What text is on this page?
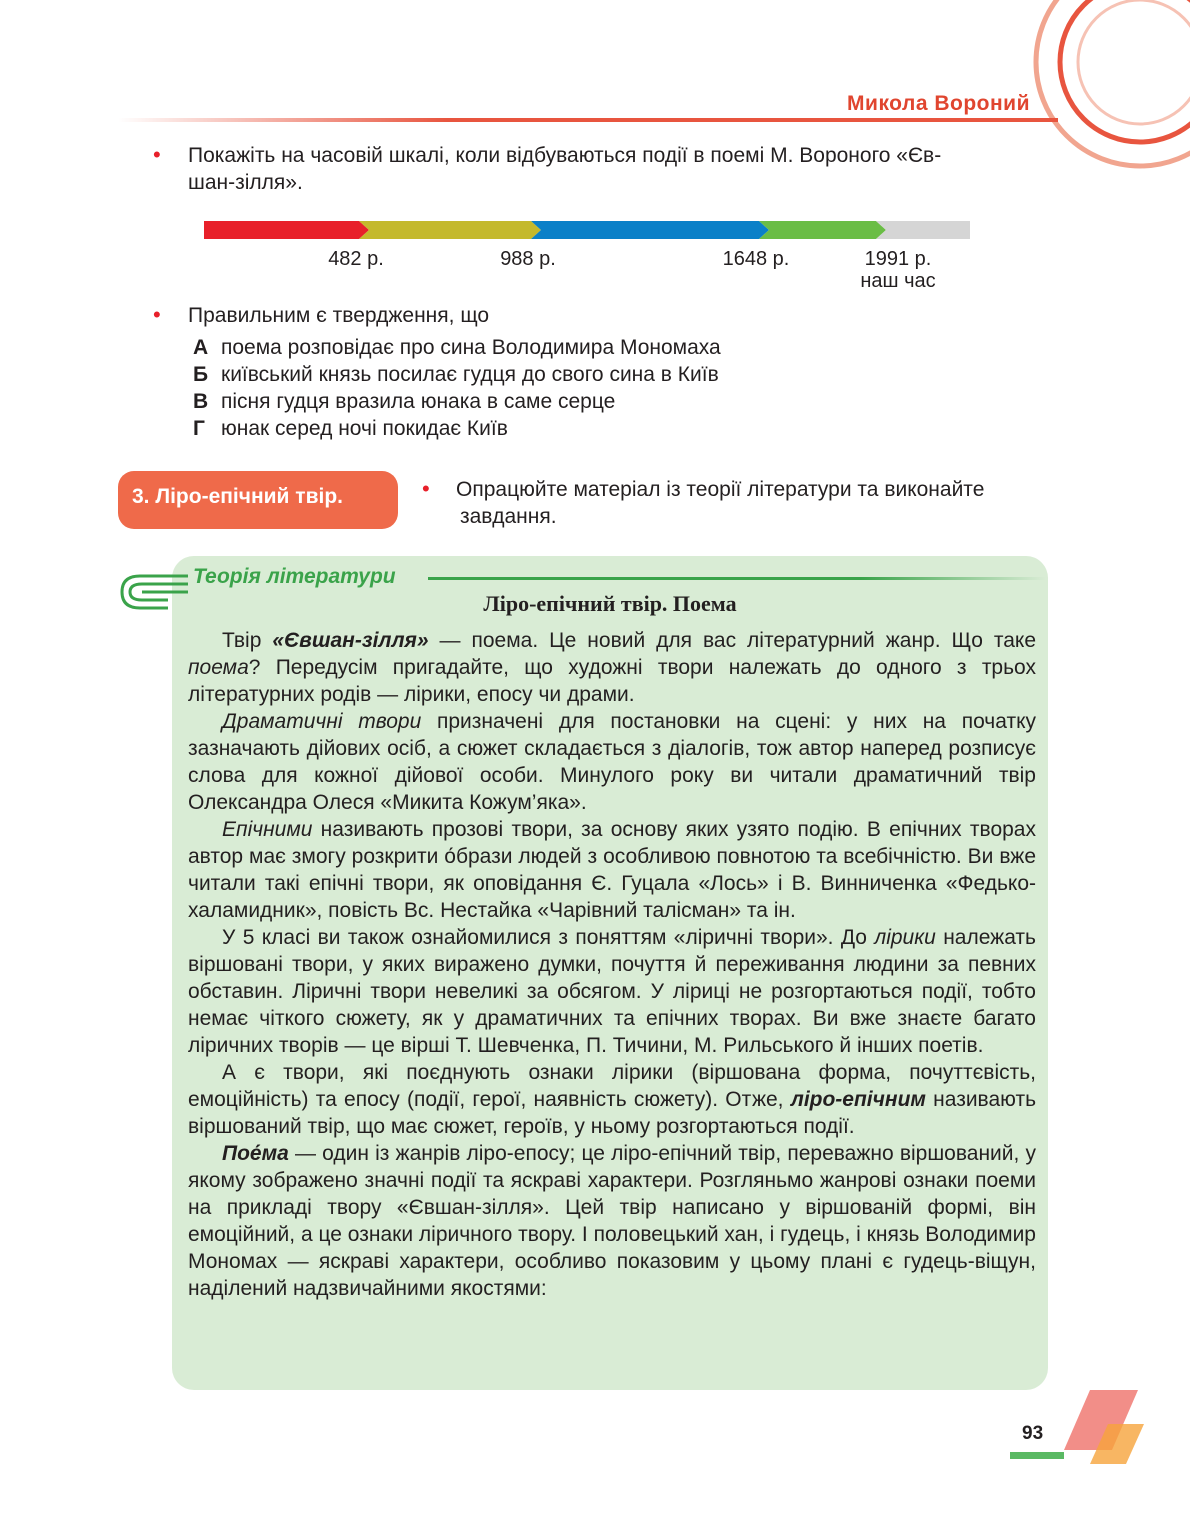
Микола Вороний
• Покажіть на часовій шкалі, коли відбуваються події в поемі М. Вороного «Єв-
шан-зілля».
482 р.	988 р.	1648 р.	1991 р.
наш час
• Правильним є твердження, що
А поема розповідає про сина Володимира Мономаха
Б київський князь посилає гудця до свого сина в Київ
В пісня гудця вразила юнака в саме серце
Г юнак серед ночі покидає Київ
3. Ліро-епічний твір.	• Опрацюйте матеріал із теорії літератури та виконайте
завдання.
Теорія літератури
Ліро-епічний твір. Поема

Твір «Євшан-зілля» — поема. Це новий для вас літературний жанр. Що таке поема? Передусім пригадайте, що художні твори належать до одного з трьох літературних родів — лірики, епосу чи драми.

Драматичні твори призначені для постановки на сцені: у них на початку зазначають дійових осіб, а сюжет складається з діалогів, тож автор наперед розписує слова для кожної дійової особи. Минулого року ви читали драматичний твір Олександра Олеся «Микита Кожум’яка».

Епічними називають прозові твори, за основу яких узято подію. В епічних творах автор має змогу розкрити о́брази людей з особливою повнотою та всебічністю. Ви вже читали такі епічні твори, як оповідання Є. Гуцала «Лось» і В. Винниченка «Федько-халамидник», повість Вс. Нестайка «Чарівний талісман» та ін.

У 5 класі ви також ознайомилися з поняттям «ліричні твори». До лірики належать віршовані твори, у яких виражено думки, почуття й переживання людини за певних обставин. Ліричні твори невеликі за обсягом. У ліриці не розгортаються події, тобто немає чіткого сюжету, як у драматичних та епічних творах. Ви вже знаєте багато ліричних творів — це вірші Т. Шевченка, П. Тичини, М. Рильського й інших поетів.

А є твори, які поєднують ознаки лірики (віршована форма, почуттєвість, емоційність) та епосу (події, герої, наявність сюжету). Отже, ліро-епічним називають віршований твір, що має сюжет, героїв, у ньому розгортаються події.

Пое́ма — один із жанрів ліро-епосу; це ліро-епічний твір, переважно віршований, у якому зображено значні події та яскраві характери. Розгляньмо жанрові ознаки поеми на прикладі твору «Євшан-зілля». Цей твір написано у віршованій формі, він емоційний, а це ознаки ліричного твору. І половецький хан, і гудець, і князь Володимир Мономах — яскраві характери, особливо показовим у цьому плані є гудець-віщун, наділений надзвичайними якостями:

93
